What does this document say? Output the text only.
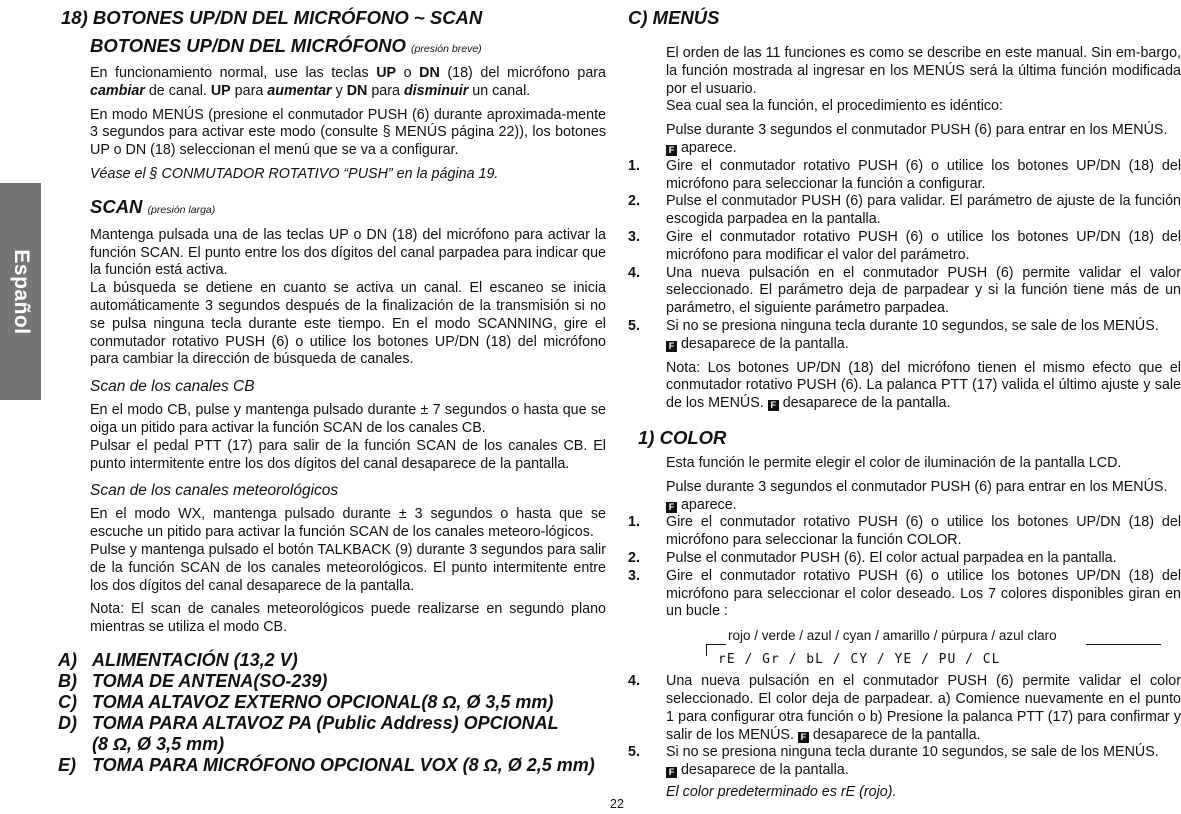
Español
18) BOTONES UP/DN DEL MICRÓFONO ~ SCAN
BOTONES UP/DN DEL MICRÓFONO (presión breve)

En funcionamiento normal, use las teclas UP o DN (18) del micrófono para cambiar de canal. UP para aumentar y DN para disminuir un canal.

En modo MENÚS (presione el conmutador PUSH (6) durante aproximada-mente 3 segundos para activar este modo (consulte § MENÚS página 22)), los botones UP o DN (18) seleccionan el menú que se va a configurar.

Véase el § CONMUTADOR ROTATIVO “PUSH” en la página 19.

SCAN (presión larga)

Mantenga pulsada una de las teclas UP o DN (18) del micrófono para activar la función SCAN. El punto entre los dos dígitos del canal parpadea para indicar que la función está activa.

La búsqueda se detiene en cuanto se activa un canal. El escaneo se inicia automáticamente 3 segundos después de la finalización de la transmisión si no se pulsa ninguna tecla durante este tiempo. En el modo SCANNING, gire el conmutador rotativo PUSH (6) o utilice los botones UP/DN (18) del micrófono para cambiar la dirección de búsqueda de canales.

Scan de los canales CB

En el modo CB, pulse y mantenga pulsado durante ± 7 segundos o hasta que se oiga un pitido para activar la función SCAN de los canales CB.

Pulsar el pedal PTT (17) para salir de la función SCAN de los canales CB. El punto intermitente entre los dos dígitos del canal desaparece de la pantalla.

Scan de los canales meteorológicos

En el modo WX, mantenga pulsado durante ± 3 segundos o hasta que se escuche un pitido para activar la función SCAN de los canales meteoro-lógicos.

Pulse y mantenga pulsado el botón TALKBACK (9) durante 3 segundos para salir de la función SCAN de los canales meteorológicos. El punto intermitente entre los dos dígitos del canal desaparece de la pantalla.

Nota: El scan de canales meteorológicos puede realizarse en segundo plano mientras se utiliza el modo CB.

A) ALIMENTACIÓN (13,2 V)
B) TOMA DE ANTENA(SO-239)
C) TOMA ALTAVOZ EXTERNO OPCIONAL(8 Ω, Ø 3,5 mm)
D) TOMA PARA ALTAVOZ PA (Public Address) OPCIONAL (8 Ω, Ø 3,5 mm)
E) TOMA PARA MICRÓFONO OPCIONAL VOX (8 Ω, Ø 2,5 mm)
C) MENÚS

El orden de las 11 funciones es como se describe en este manual. Sin em-bargo, la función mostrada al ingresar en los MENÚS será la última función modificada por el usuario.

Sea cual sea la función, el procedimiento es idéntico:

Pulse durante 3 segundos el conmutador PUSH (6) para entrar en los MENÚS.
F aparece.

1. Gire el conmutador rotativo PUSH (6) o utilice los botones UP/DN (18) del micrófono para seleccionar la función a configurar.
2. Pulse el conmutador PUSH (6) para validar. El parámetro de ajuste de la función escogida parpadea en la pantalla.
3. Gire el conmutador rotativo PUSH (6) o utilice los botones UP/DN (18) del micrófono para modificar el valor del parámetro.
4. Una nueva pulsación en el conmutador PUSH (6) permite validar el valor seleccionado. El parámetro deja de parpadear y si la función tiene más de un parámetro, el siguiente parámetro parpadea.
5. Si no se presiona ninguna tecla durante 10 segundos, se sale de los MENÚS.
F desaparece de la pantalla.

Nota: Los botones UP/DN (18) del micrófono tienen el mismo efecto que el conmutador rotativo PUSH (6). La palanca PTT (17) valida el último ajuste y sale de los MENÚS. F desaparece de la pantalla.

1) COLOR

Esta función le permite elegir el color de iluminación de la pantalla LCD.

Pulse durante 3 segundos el conmutador PUSH (6) para entrar en los MENÚS.
F aparece.

1. Gire el conmutador rotativo PUSH (6) o utilice los botones UP/DN (18) del micrófono para seleccionar la función COLOR.
2. Pulse el conmutador PUSH (6). El color actual parpadea en la pantalla.
3. Gire el conmutador rotativo PUSH (6) o utilice los botones UP/DN (18) del micrófono para seleccionar el color deseado. Los 7 colores disponibles giran en un bucle :
rojo / verde / azul / cyan / amarillo / púrpura / azul claro
rE / Gr / bL / CY / YE / PU / CL
4. Una nueva pulsación en el conmutador PUSH (6) permite validar el color seleccionado. El color deja de parpadear. a) Comience nuevamente en el punto 1 para configurar otra función o b) Presione la palanca PTT (17) para confirmar y salir de los MENÚS. F desaparece de la pantalla.
5. Si no se presiona ninguna tecla durante 10 segundos, se sale de los MENÚS.
F desaparece de la pantalla.

El color predeterminado es rE (rojo).

22
